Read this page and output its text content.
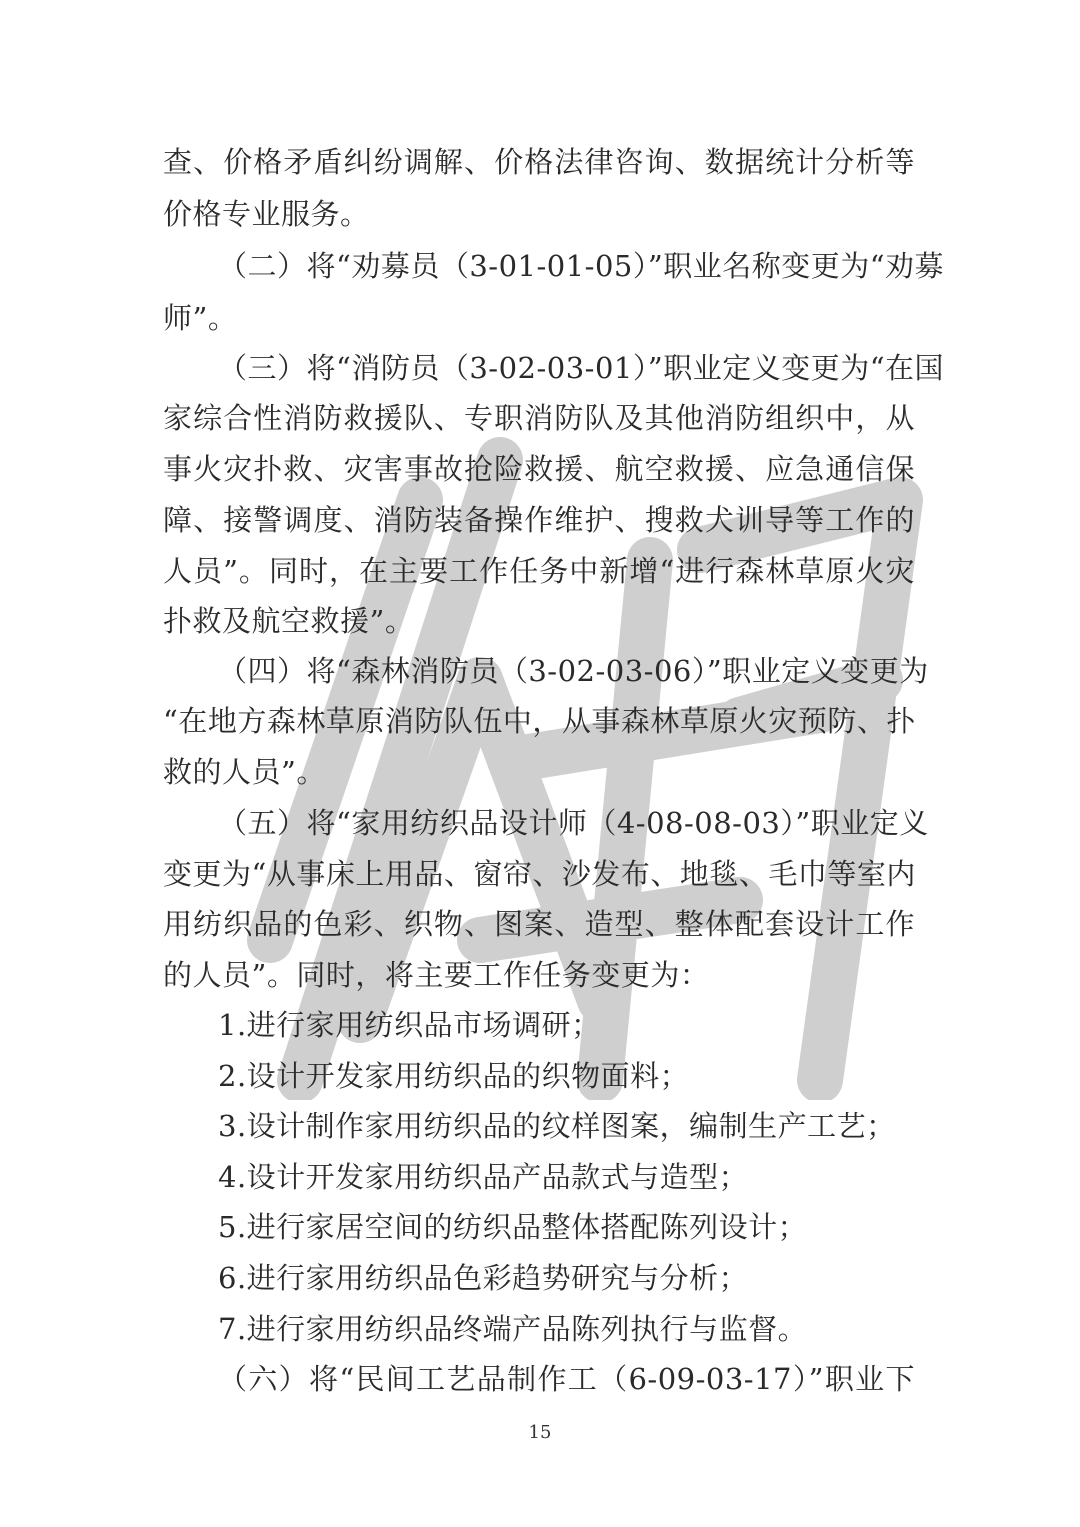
查、价格矛盾纠纷调解、价格法律咨询、数据统计分析等
价格专业服务。
（二）将“劝募员（3-01-01-05）”职业名称变更为“劝募
师”。
（三）将“消防员（3-02-03-01）”职业定义变更为“在国
家综合性消防救援队、专职消防队及其他消防组织中，从
事火灾扑救、灾害事故抢险救援、航空救援、应急通信保
障、接警调度、消防装备操作维护、搜救犬训导等工作的
人员”。同时，在主要工作任务中新增“进行森林草原火灾
扑救及航空救援”。
（四）将“森林消防员（3-02-03-06）”职业定义变更为
“在地方森林草原消防队伍中，从事森林草原火灾预防、扑
救的人员”。
（五）将“家用纺织品设计师（4-08-08-03）”职业定义
变更为“从事床上用品、窗帘、沙发布、地毯、毛巾等室内
用纺织品的色彩、织物、图案、造型、整体配套设计工作
的人员”。同时，将主要工作任务变更为：
1.进行家用纺织品市场调研；
2.设计开发家用纺织品的织物面料；
3.设计制作家用纺织品的纹样图案，编制生产工艺；
4.设计开发家用纺织品产品款式与造型；
5.进行家居空间的纺织品整体搭配陈列设计；
6.进行家用纺织品色彩趋势研究与分析；
7.进行家用纺织品终端产品陈列执行与监督。
（六）将“民间工艺品制作工（6-09-03-17）”职业下
15
